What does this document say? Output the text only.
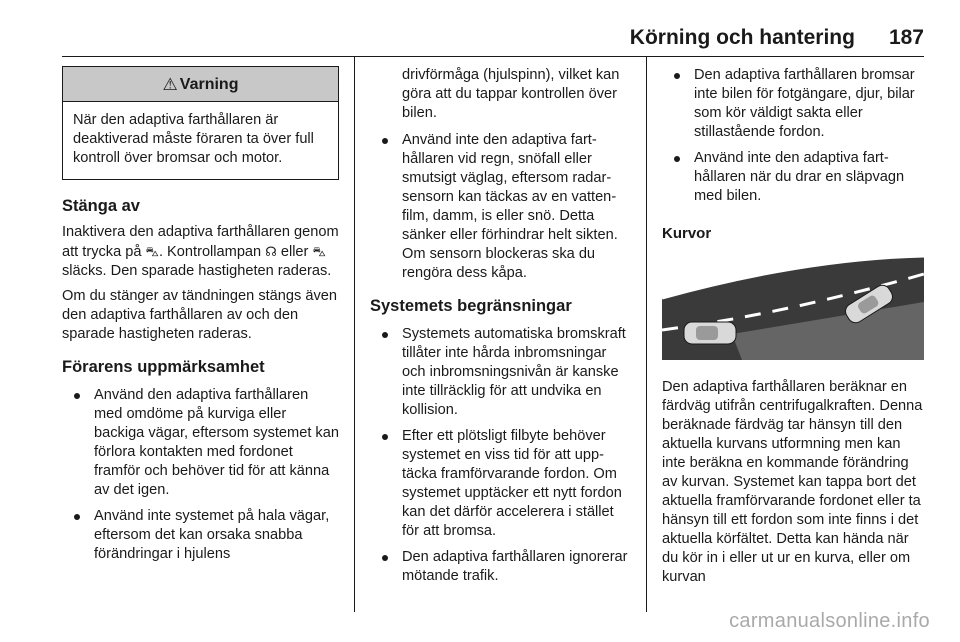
Körning och hantering 187
⚠ Varning
När den adaptiva farthållaren är deaktiverad måste föraren ta över full kontroll över bromsar och motor.
Stänga av

Inaktivera den adaptiva farthållaren genom att trycka på ⛍. Kontrollampan ☊ eller ⛍ släcks. Den sparade hastigheten raderas.

Om du stänger av tändningen stängs även den adaptiva farthållaren av och den sparade hastigheten raderas.

Förarens uppmärksamhet
Använd den adaptiva farthållaren med omdöme på kurviga eller backiga vägar, eftersom systemet kan förlora kontakten med fordonet framför och behöver tid för att känna av det igen.
Använd inte systemet på hala vägar, eftersom det kan orsaka snabba förändringar i hjulens

drivförmåga (hjulspinn), vilket kan göra att du tappar kontrollen över bilen.

Använd inte den adaptiva farthållaren vid regn, snöfall eller smutsigt väglag, eftersom radarsensorn kan täckas av en vattenfilm, damm, is eller snö. Detta sänker eller förhindrar helt sikten. Om sensorn blockeras ska du rengöra dess kåpa.
Systemets begränsningar
Systemets automatiska bromskraft tillåter inte hårda inbromsningar och inbromsningsnivån är kanske inte tillräcklig för att undvika en kollision.
Efter ett plötsligt filbyte behöver systemet en viss tid för att upptäcka framförvarande fordon. Om systemet upptäcker ett nytt fordon kan det därför accelerera i stället för att bromsa.
Den adaptiva farthållaren ignorerar mötande trafik.
Den adaptiva farthållaren bromsar inte bilen för fotgängare, djur, bilar som kör väldigt sakta eller stillastående fordon.
Använd inte den adaptiva farthållaren när du drar en släpvagn med bilen.
Kurvor

Den adaptiva farthållaren beräknar en färdväg utifrån centrifugalkraften. Denna beräknade färdväg tar hänsyn till den aktuella kurvans utformning men kan inte beräkna en kommande förändring av kurvan. Systemet kan tappa bort det aktuella framförvarande fordonet eller ta hänsyn till ett fordon som inte finns i det aktuella körfältet. Detta kan hända när du kör in i eller ut ur en kurva, eller om kurvan

carmanualsonline.info
